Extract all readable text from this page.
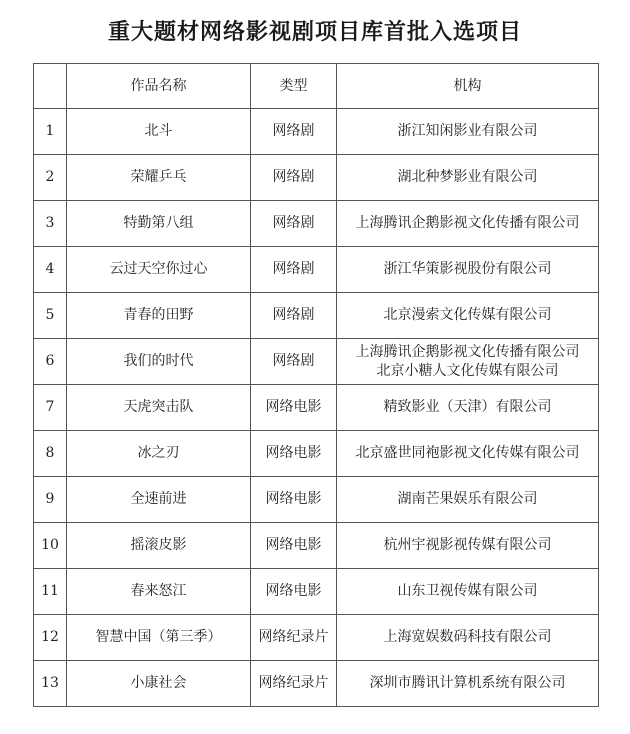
重大题材网络影视剧项目库首批入选项目
	作品名称	类型	机构
1	北斗	网络剧	浙江知闲影业有限公司

2	荣耀乒乓	网络剧	湖北种梦影业有限公司

3	特勤第八组	网络剧	上海腾讯企鹅影视文化传播有限公司

4	云过天空你过心	网络剧	浙江华策影视股份有限公司

5	青春的田野	网络剧	北京漫索文化传媒有限公司

6	我们的时代	网络剧	上海腾讯企鹅影视文化传播有限公司
北京小糖人文化传媒有限公司

7	天虎突击队	网络电影	精致影业（天津）有限公司

8	冰之刃	网络电影	北京盛世同袍影视文化传媒有限公司

9	全速前进	网络电影	湖南芒果娱乐有限公司

10	摇滚皮影	网络电影	杭州宇视影视传媒有限公司

11	春来怒江	网络电影	山东卫视传媒有限公司

12	智慧中国（第三季）	网络纪录片	上海宽娱数码科技有限公司

13	小康社会	网络纪录片	深圳市腾讯计算机系统有限公司
